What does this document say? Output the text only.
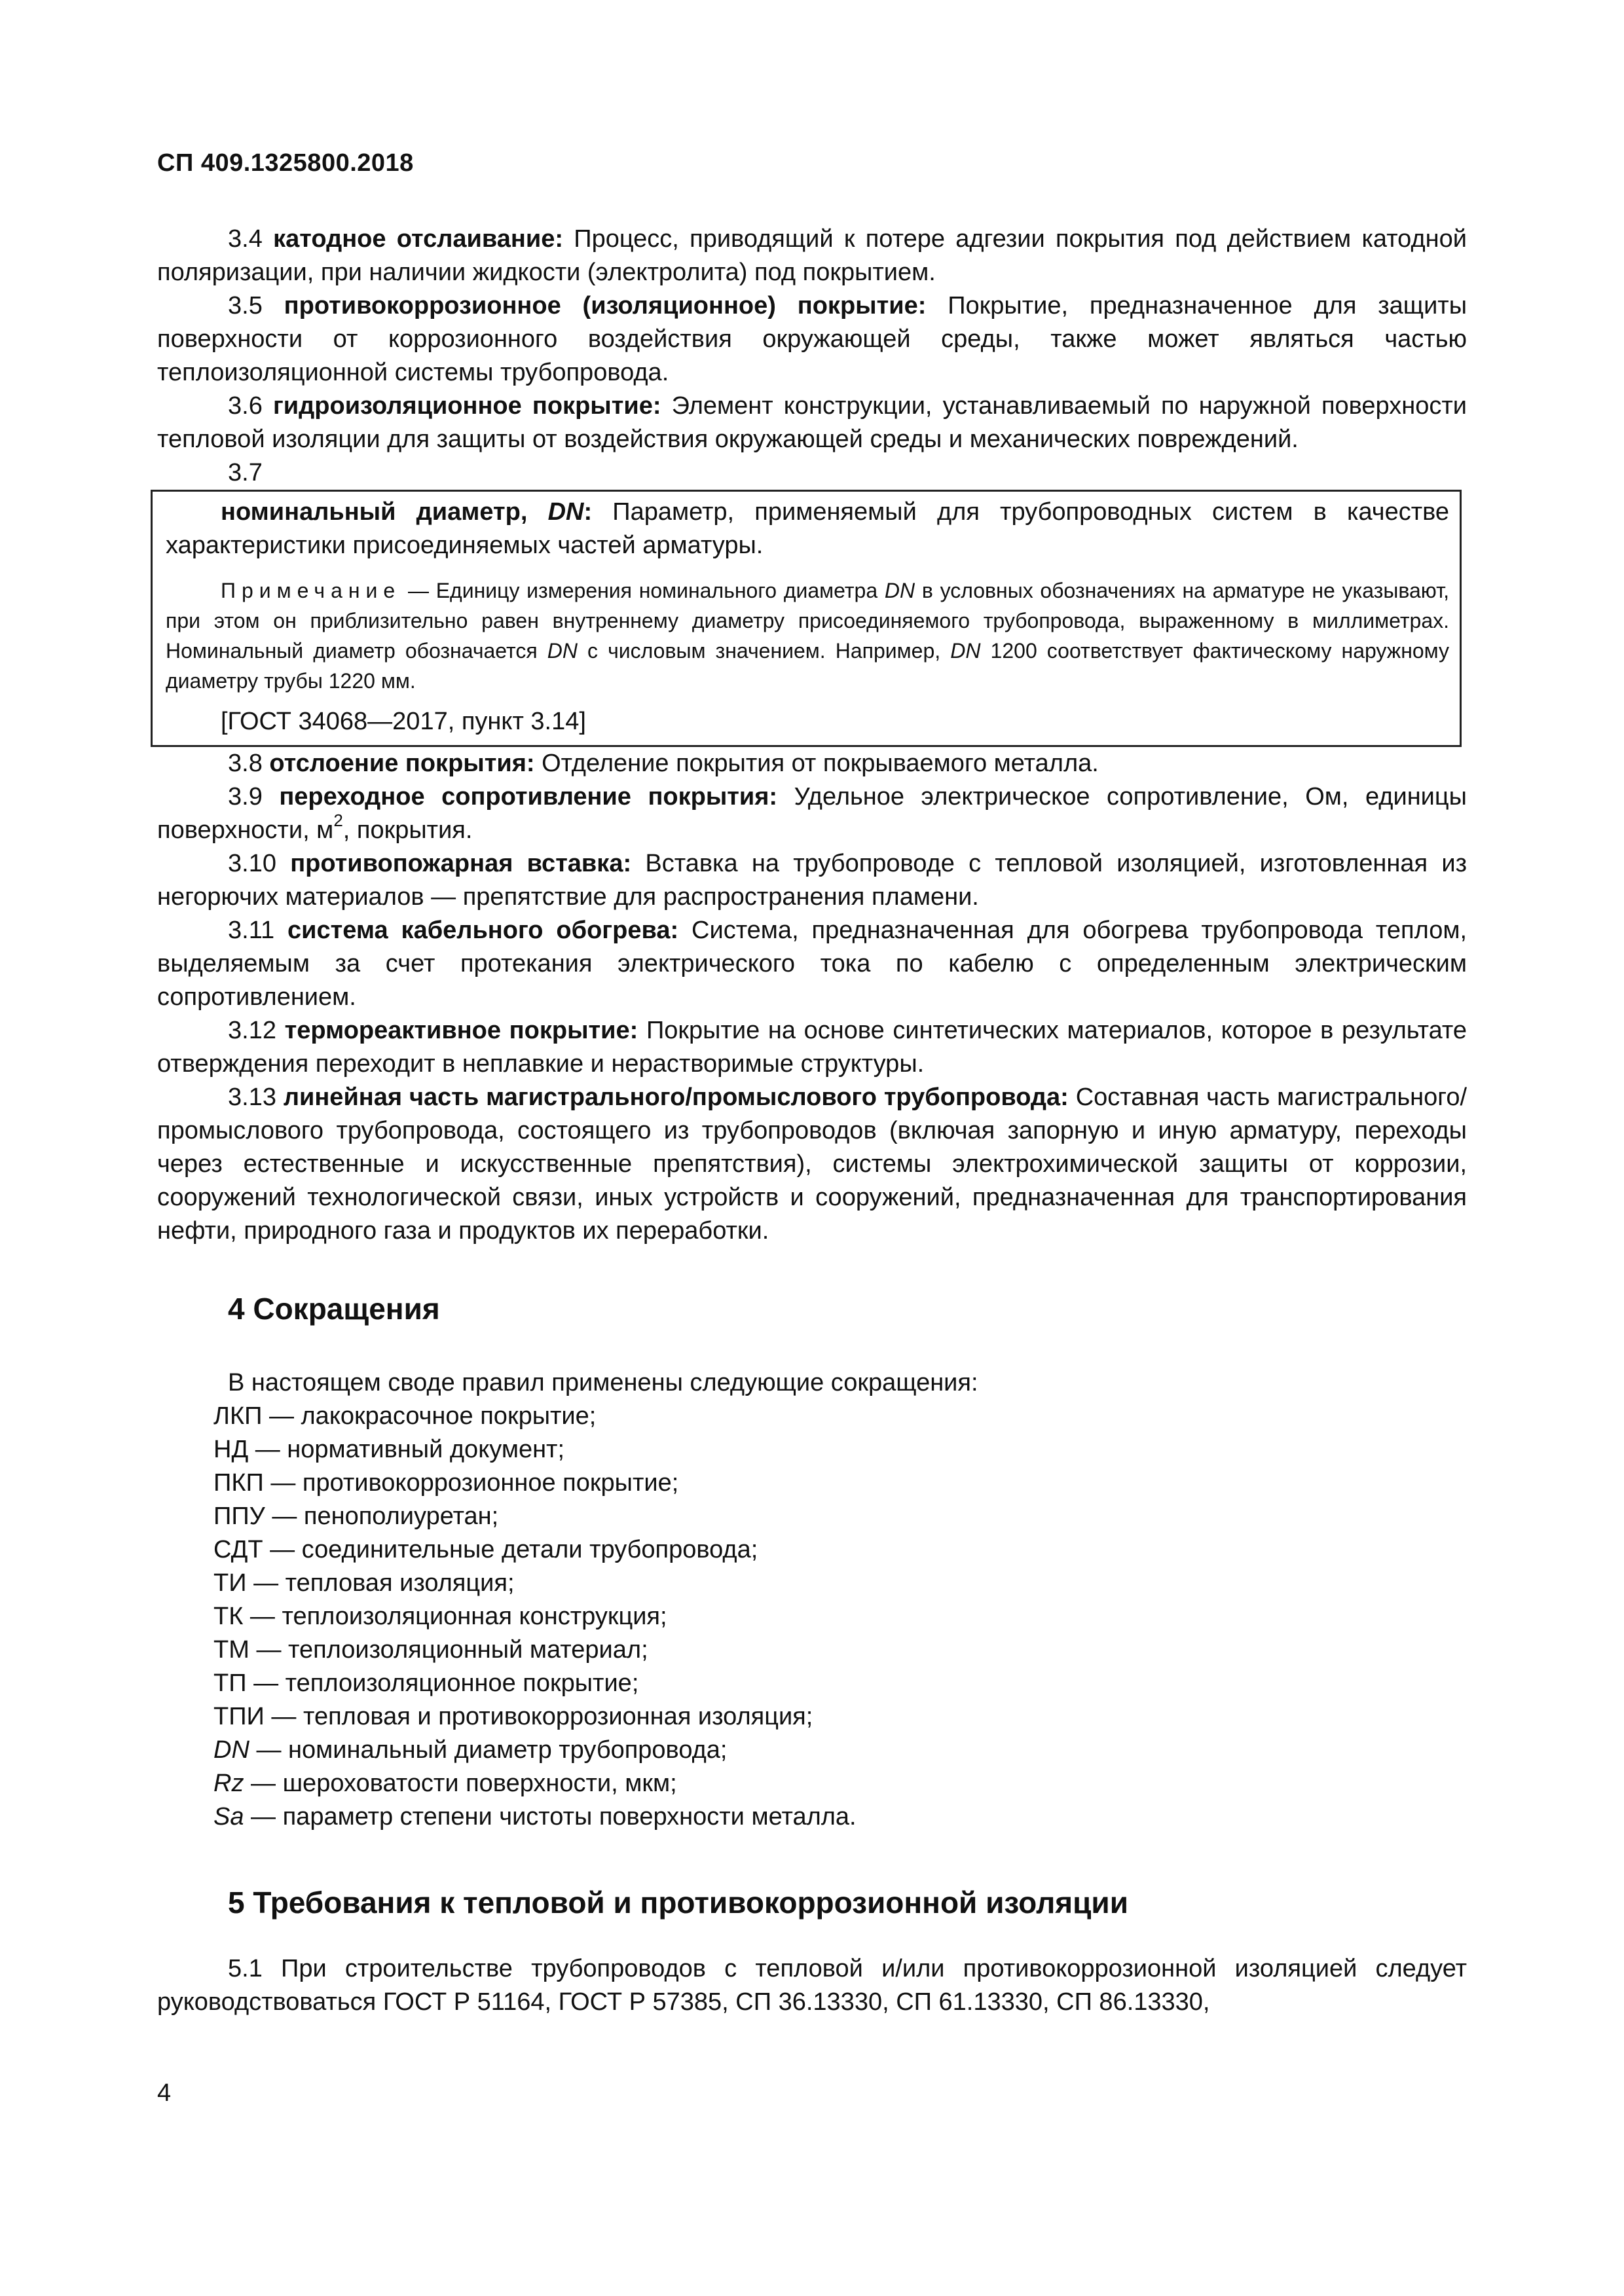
СП 409.1325800.2018

3.4 катодное отслаивание: Процесс, приводящий к потере адгезии покрытия под действием катодной поляризации, при наличии жидкости (электролита) под покрытием.

3.5 противокоррозионное (изоляционное) покрытие: Покрытие, предназначенное для защиты поверхности от коррозионного воздействия окружающей среды, также может являться частью теплоизоляционной системы трубопровода.

3.6 гидроизоляционное покрытие: Элемент конструкции, устанавливаемый по наружной поверхности тепловой изоляции для защиты от воздействия окружающей среды и механических повреждений.

3.7

номинальный диаметр, DN: Параметр, применяемый для трубопроводных систем в качестве характеристики присоединяемых частей арматуры.

Примечание — Единицу измерения номинального диаметра DN в условных обозначениях на арматуре не указывают, при этом он приблизительно равен внутреннему диаметру присоединяемого трубопровода, выраженному в миллиметрах. Номинальный диаметр обозначается DN с числовым значением. Например, DN 1200 соответствует фактическому наружному диаметру трубы 1220 мм.

[ГОСТ 34068—2017, пункт 3.14]

3.8 отслоение покрытия: Отделение покрытия от покрываемого металла.

3.9 переходное сопротивление покрытия: Удельное электрическое сопротивление, Ом, единицы поверхности, $м^2$, покрытия.

3.10 противопожарная вставка: Вставка на трубопроводе с тепловой изоляцией, изготовленная из негорючих материалов — препятствие для распространения пламени.

3.11 система кабельного обогрева: Система, предназначенная для обогрева трубопровода теплом, выделяемым за счет протекания электрического тока по кабелю с определенным электрическим сопротивлением.

3.12 термореактивное покрытие: Покрытие на основе синтетических материалов, которое в результате отверждения переходит в неплавкие и нерастворимые структуры.

3.13 линейная часть магистрального/промыслового трубопровода: Составная часть магистрального/промыслового трубопровода, состоящего из трубопроводов (включая запорную и иную арматуру, переходы через естественные и искусственные препятствия), системы электрохимической защиты от коррозии, сооружений технологической связи, иных устройств и сооружений, предназначенная для транспортирования нефти, природного газа и продуктов их переработки.

4 Сокращения

В настоящем своде правил применены следующие сокращения:

ЛКП — лакокрасочное покрытие;
НД — нормативный документ;
ПКП — противокоррозионное покрытие;
ППУ — пенополиуретан;
СДТ — соединительные детали трубопровода;
ТИ — тепловая изоляция;
ТК — теплоизоляционная конструкция;
ТМ — теплоизоляционный материал;
ТП — теплоизоляционное покрытие;
ТПИ — тепловая и противокоррозионная изоляция;
DN — номинальный диаметр трубопровода;
Rz — шероховатости поверхности, мкм;
Sa — параметр степени чистоты поверхности металла.
5 Требования к тепловой и противокоррозионной изоляции

5.1 При строительстве трубопроводов с тепловой и/или противокоррозионной изоляцией следует руководствоваться ГОСТ Р 51164, ГОСТ Р 57385, СП 36.13330, СП 61.13330, СП 86.13330,

4
